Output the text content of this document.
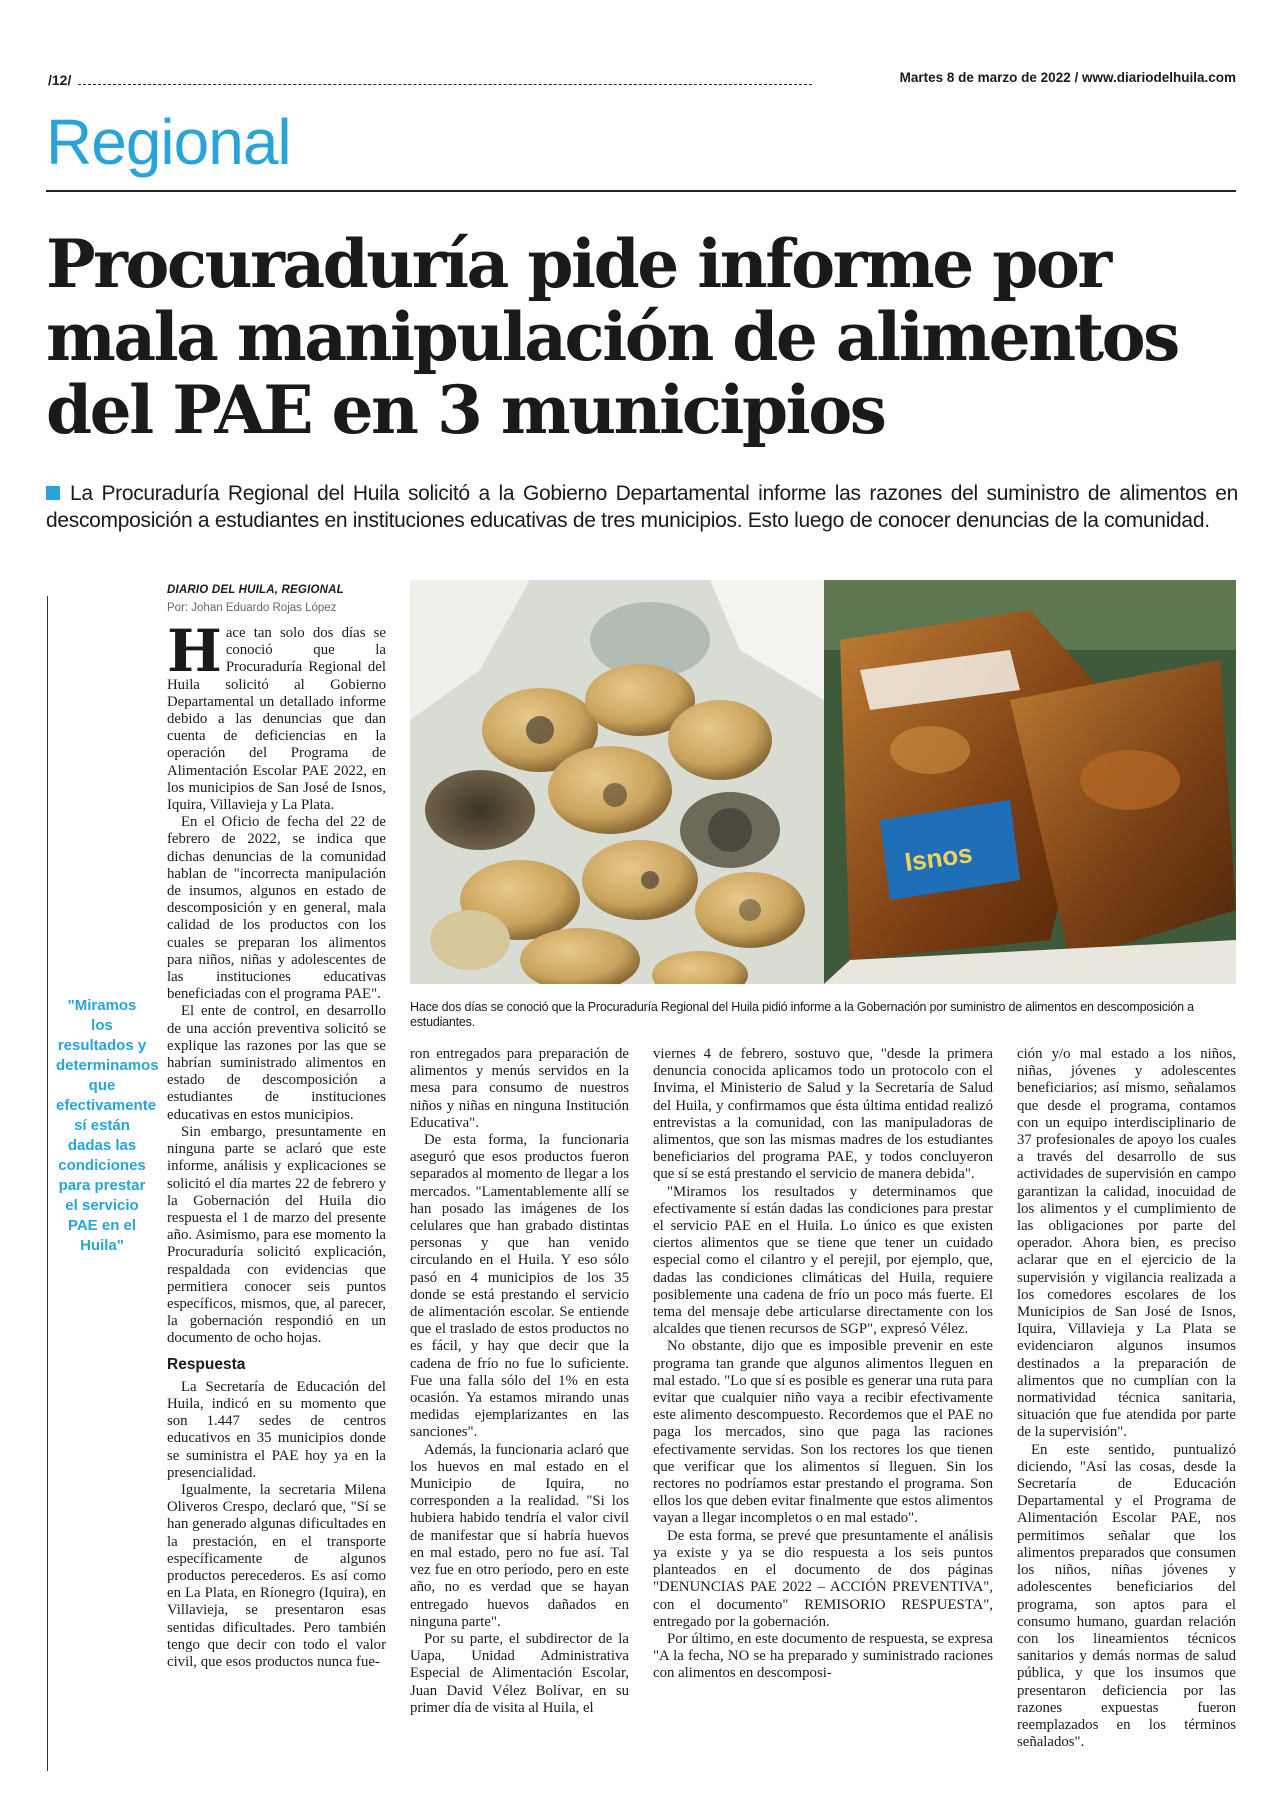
/12/	Martes 8 de marzo de 2022 / www.diariodelhuila.com
Regional
Procuraduría pide informe por
mala manipulación de alimentos
del PAE en 3 municipios
La Procuraduría Regional del Huila solicitó a la Gobierno Departamental informe las razones del suministro de alimentos en descomposición a estudiantes en instituciones educativas de tres municipios. Esto luego de conocer denuncias de la comunidad.
"Miramos los resultados y determinamos que efectivamente sí están dadas las condiciones para prestar el servicio PAE en el Huila"
DIARIO DEL HUILA, REGIONAL
Por: Johan Eduardo Rojas López

Hace tan solo dos días se conoció que la Procuraduría Regional del Huila solicitó al Gobierno Departamental un detallado informe debido a las denuncias que dan cuenta de deficiencias en la operación del Programa de Alimentación Escolar PAE 2022, en los municipios de San José de Isnos, Iquira, Villavieja y La Plata.

En el Oficio de fecha del 22 de febrero de 2022, se indica que dichas denuncias de la comunidad hablan de "incorrecta manipulación de insumos, algunos en estado de descomposición y en general, mala calidad de los productos con los cuales se preparan los alimentos para niños, niñas y adolescentes de las instituciones educativas beneficiadas con el programa PAE".

El ente de control, en desarrollo de una acción preventiva solicitó se explique las razones por las que se habrían suministrado alimentos en estado de descomposición a estudiantes de instituciones educativas en estos municipios.

Sin embargo, presuntamente en ninguna parte se aclaró que este informe, análisis y explicaciones se solicitó el día martes 22 de febrero y la Gobernación del Huila dio respuesta el 1 de marzo del presente año. Asimismo, para ese momento la Procuraduría solicitó explicación, respaldada con evidencias que permitiera conocer seis puntos específicos, mismos, que, al parecer, la gobernación respondió en un documento de ocho hojas.

Respuesta

La Secretaría de Educación del Huila, indicó en su momento que son 1.447 sedes de centros educativos en 35 municipios donde se suministra el PAE hoy ya en la presencialidad.

Igualmente, la secretaria Milena Oliveros Crespo, declaró que, "Sí se han generado algunas dificultades en la prestación, en el transporte específicamente de algunos productos perecederos. Es así como en La Plata, en Ríonegro (Iquira), en Villavieja, se presentaron esas sentidas dificultades. Pero también tengo que decir con todo el valor civil, que esos productos nunca fue-

Isnos
Hace dos días se conoció que la Procuraduría Regional del Huila pidió informe a la Gobernación por suministro de alimentos en descomposición a estudiantes.

ron entregados para preparación de alimentos y menús servidos en la mesa para consumo de nuestros niños y niñas en ninguna Institución Educativa".

De esta forma, la funcionaria aseguró que esos productos fueron separados al momento de llegar a los mercados. "Lamentablemente allí se han posado las imágenes de los celulares que han grabado distintas personas y que han venido circulando en el Huila. Y eso sólo pasó en 4 municipios de los 35 donde se está prestando el servicio de alimentación escolar. Se entiende que el traslado de estos productos no es fácil, y hay que decir que la cadena de frío no fue lo suficiente. Fue una falla sólo del 1% en esta ocasión. Ya estamos mirando unas medidas ejemplarizantes en las sanciones".

Además, la funcionaria aclaró que los huevos en mal estado en el Municipio de Iquira, no corresponden a la realidad. "Si los hubiera habido tendría el valor civil de manifestar que sí habría huevos en mal estado, pero no fue así. Tal vez fue en otro período, pero en este año, no es verdad que se hayan entregado huevos dañados en ninguna parte".

Por su parte, el subdirector de la Uapa, Unidad Administrativa Especial de Alimentación Escolar, Juan David Vélez Bolívar, en su primer día de visita al Huila, el

viernes 4 de febrero, sostuvo que, "desde la primera denuncia conocida aplicamos todo un protocolo con el Invima, el Ministerio de Salud y la Secretaría de Salud del Huila, y confirmamos que ésta última entidad realizó entrevistas a la comunidad, con las manipuladoras de alimentos, que son las mismas madres de los estudiantes beneficiarios del programa PAE, y todos concluyeron que sí se está prestando el servicio de manera debida".

"Miramos los resultados y determinamos que efectivamente sí están dadas las condiciones para prestar el servicio PAE en el Huila. Lo único es que existen ciertos alimentos que se tiene que tener un cuidado especial como el cilantro y el perejil, por ejemplo, que, dadas las condiciones climáticas del Huila, requiere posiblemente una cadena de frío un poco más fuerte. El tema del mensaje debe articularse directamente con los alcaldes que tienen recursos de SGP", expresó Vélez.

No obstante, dijo que es imposible prevenir en este programa tan grande que algunos alimentos lleguen en mal estado. "Lo que sí es posible es generar una ruta para evitar que cualquier niño vaya a recibir efectivamente este alimento descompuesto. Recordemos que el PAE no paga los mercados, sino que paga las raciones efectivamente servidas. Son los rectores los que tienen que verificar que los alimentos sí lleguen. Sin los rectores no podríamos estar prestando el programa. Son ellos los que deben evitar finalmente que estos alimentos vayan a llegar incompletos o en mal estado".

De esta forma, se prevé que presuntamente el análisis ya existe y ya se dio respuesta a los seis puntos planteados en el documento de dos páginas "DENUNCIAS PAE 2022 – ACCIÓN PREVENTIVA", con el documento" REMISORIO RESPUESTA", entregado por la gobernación.

Por último, en este documento de respuesta, se expresa "A la fecha, NO se ha preparado y suministrado raciones con alimentos en descomposi-

ción y/o mal estado a los niños, niñas, jóvenes y adolescentes beneficiarios; así mismo, señalamos que desde el programa, contamos con un equipo interdisciplinario de 37 profesionales de apoyo los cuales a través del desarrollo de sus actividades de supervisión en campo garantizan la calidad, inocuidad de los alimentos y el cumplimiento de las obligaciones por parte del operador. Ahora bien, es preciso aclarar que en el ejercicio de la supervisión y vigilancia realizada a los comedores escolares de los Municipios de San José de Isnos, Iquira, Villavieja y La Plata se evidenciaron algunos insumos destinados a la preparación de alimentos que no cumplían con la normatividad técnica sanitaria, situación que fue atendida por parte de la supervisión".

En este sentido, puntualizó diciendo, "Así las cosas, desde la Secretaría de Educación Departamental y el Programa de Alimentación Escolar PAE, nos permitimos señalar que los alimentos preparados que consumen los niños, niñas jóvenes y adolescentes beneficiarios del programa, son aptos para el consumo humano, guardan relación con los lineamientos técnicos sanitarios y demás normas de salud pública, y que los insumos que presentaron deficiencia por las razones expuestas fueron reemplazados en los términos señalados".
